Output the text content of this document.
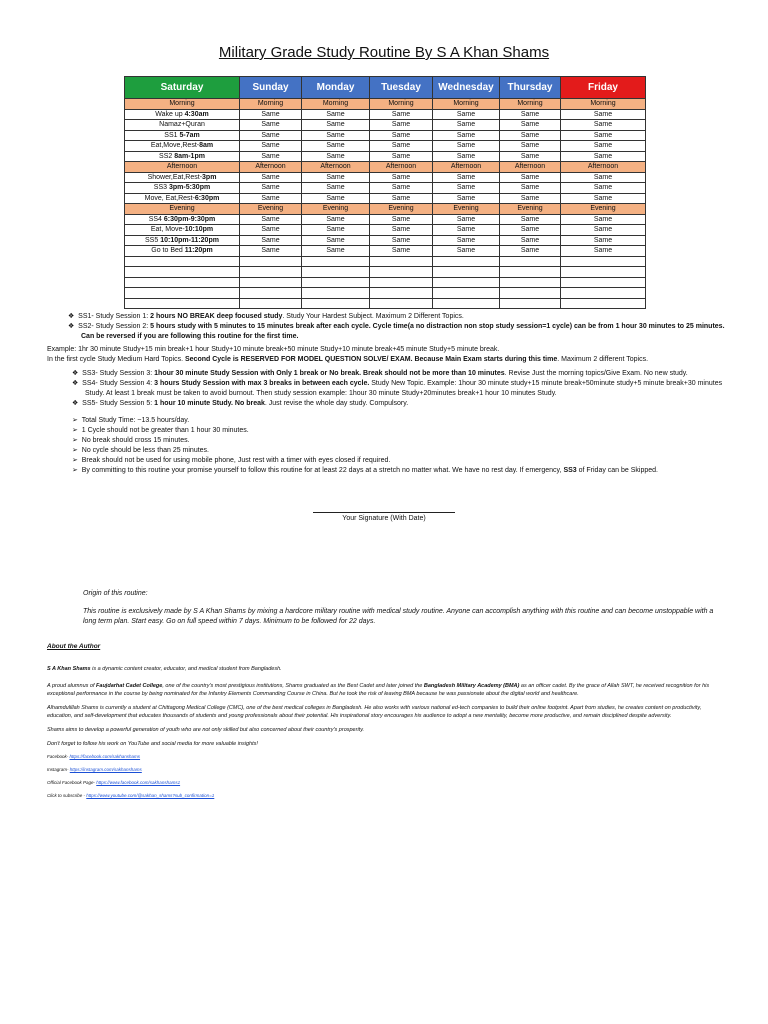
Military Grade Study Routine By S A Khan Shams
Saturday	Sunday	Monday	Tuesday	Wednesday	Thursday	Friday
Morning	Morning	Morning	Morning	Morning	Morning	Morning
Wake up 4:30am	Same	Same	Same	Same	Same	Same
Namaz+Quran	Same	Same	Same	Same	Same	Same
SS1 5-7am	Same	Same	Same	Same	Same	Same
Eat,Move,Rest-8am	Same	Same	Same	Same	Same	Same
SS2 8am-1pm	Same	Same	Same	Same	Same	Same
Afternoon	Afternoon	Afternoon	Afternoon	Afternoon	Afternoon	Afternoon
Shower,Eat,Rest-3pm	Same	Same	Same	Same	Same	Same
SS3 3pm-5:30pm	Same	Same	Same	Same	Same	Same
Move, Eat,Rest-6:30pm	Same	Same	Same	Same	Same	Same
Evening	Evening	Evening	Evening	Evening	Evening	Evening
SS4 6:30pm-9:30pm	Same	Same	Same	Same	Same	Same
Eat, Move-10:10pm	Same	Same	Same	Same	Same	Same
SS5 10:10pm-11:20pm	Same	Same	Same	Same	Same	Same
Go to Bed 11:20pm	Same	Same	Same	Same	Same	Same

❖  SS1- Study Session 1: 2 hours NO BREAK deep focused study. Study Your Hardest Subject. Maximum 2 Different Topics.
❖  SS2- Study Session 2: 5 hours study with 5 minutes to 15 minutes break after each cycle. Cycle time(a no distraction non stop study session=1 cycle) can be from 1 hour 30 minutes to 25 minutes. Can be reversed if you are following this routine for the first time.
Example: 1hr 30 minute Study+15 min break+1 hour Study+10 minute break+50 minute Study+10 minute break+45 minute Study+5 minute break.
In the first cycle Study Medium Hard Topics. Second Cycle is RESERVED FOR MODEL QUESTION SOLVE/ EXAM. Because Main Exam starts during this time. Maximum 2 different Topics.
❖  SS3- Study Session 3: 1hour 30 minute Study Session with Only 1 break or No break. Break should not be more than 10 minutes. Revise Just the morning topics/Give Exam. No new study.
❖  SS4- Study Session 4: 3 hours Study Session with max 3 breaks in between each cycle. Study New Topic. Example: 1hour 30 minute study+15 minute break+50minute study+5 minute break+30 minutes Study. At least 1 break must be taken to avoid burnout. Then study session example: 1hour 30 minute Study+20minutes break+1 hour 10 minutes Study.
❖  SS5- Study Session 5: 1 hour 10 minute Study. No break. Just revise the whole day study. Compulsory.
➢  Total Study Time: ~13.5 hours/day.
➢  1 Cycle should not be greater than 1 hour 30 minutes.
➢  No break should cross 15 minutes.
➢  No cycle should be less than 25 minutes.
➢  Break should not be used for using mobile phone, Just rest with a timer with eyes closed if required.
➢  By committing to this routine your promise yourself to follow this routine for at least 22 days at a stretch no matter what. We have no rest day. If emergency, SS3 of Friday can be Skipped.
Your Signature (With Date)
Origin of this routine:
This routine is exclusively made by S A Khan Shams by mixing a hardcore military routine with medical study routine. Anyone can accomplish anything with this routine and can become unstoppable with a long term plan. Start easy. Go on full speed within 7 days. Minimum to be followed for 22 days.
About the Author
S A Khan Shams is a dynamic content creator, educator, and medical student from Bangladesh.
A proud alumnus of Faujdarhat Cadet College, one of the country's most prestigious institutions, Shams graduated as the Best Cadet and later joined the Bangladesh Military Academy (BMA) as an officer cadet. By the grace of Allah SWT, he received recognition for his exceptional performance in the course by being nominated for the Infantry Elements Commanding Course in China. But he took the risk of leaving BMA because he was passionate about the digital world and healthcare.
Alhamdulillah Shams is currently a student at Chittagong Medical College (CMC), one of the best medical colleges in Bangladesh. He also works with various national ed-tech companies to build their online footprint. Apart from studies, he creates content on productivity, education, and self-development that educates thousands of students and young professionals about their potential. His inspirational story encourages his audience to adopt a new mentality, become more productive, and remain disciplined despite adversity.
Shams aims to develop a powerful generation of youth who are not only skilled but also concerned about their country's prosperity.
Don't forget to follow his work on YouTube and social media for more valuable insights!
Facebook- https://facebook.com/sakhanshams
Instagram- https://instagram.com/sakhanshams
Official Facebook Page- https://www.facebook.com/sakhanshams1
Click to subscribe - https://www.youtube.com/@sakhan_shams?sub_confirmation=1
